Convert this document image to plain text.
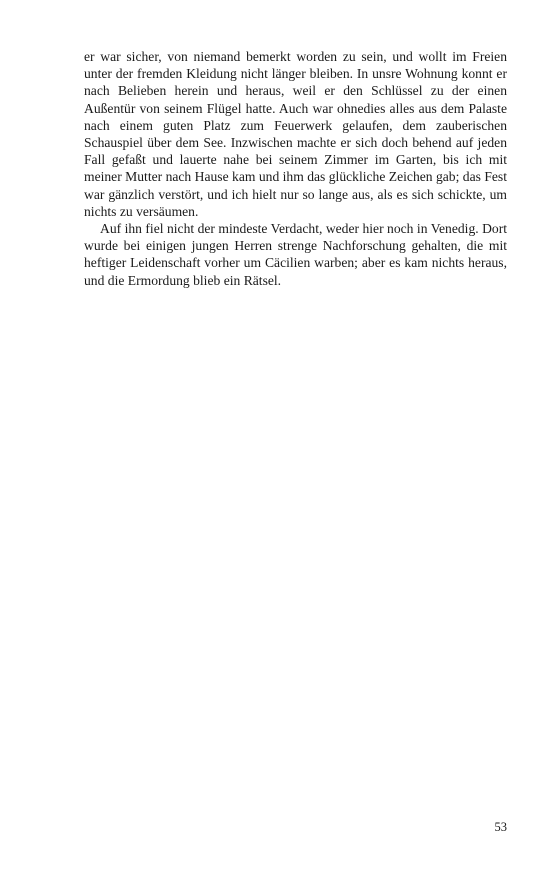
er war sicher, von niemand bemerkt worden zu sein, und wollt im Freien unter der fremden Kleidung nicht länger bleiben. In unsre Wohnung konnt er nach Belieben herein und heraus, weil er den Schlüssel zu der einen Außentür von seinem Flügel hatte. Auch war ohnedies alles aus dem Palaste nach einem guten Platz zum Feuerwerk gelaufen, dem zauberischen Schauspiel über dem See. Inzwischen machte er sich doch behend auf jeden Fall gefaßt und lauerte nahe bei seinem Zimmer im Garten, bis ich mit meiner Mutter nach Hause kam und ihm das glückliche Zeichen gab; das Fest war gänzlich verstört, und ich hielt nur so lange aus, als es sich schickte, um nichts zu versäumen.

Auf ihn fiel nicht der mindeste Verdacht, weder hier noch in Venedig. Dort wurde bei einigen jungen Herren strenge Nachforschung gehalten, die mit heftiger Leidenschaft vorher um Cäcilien warben; aber es kam nichts heraus, und die Ermordung blieb ein Rätsel.

53
